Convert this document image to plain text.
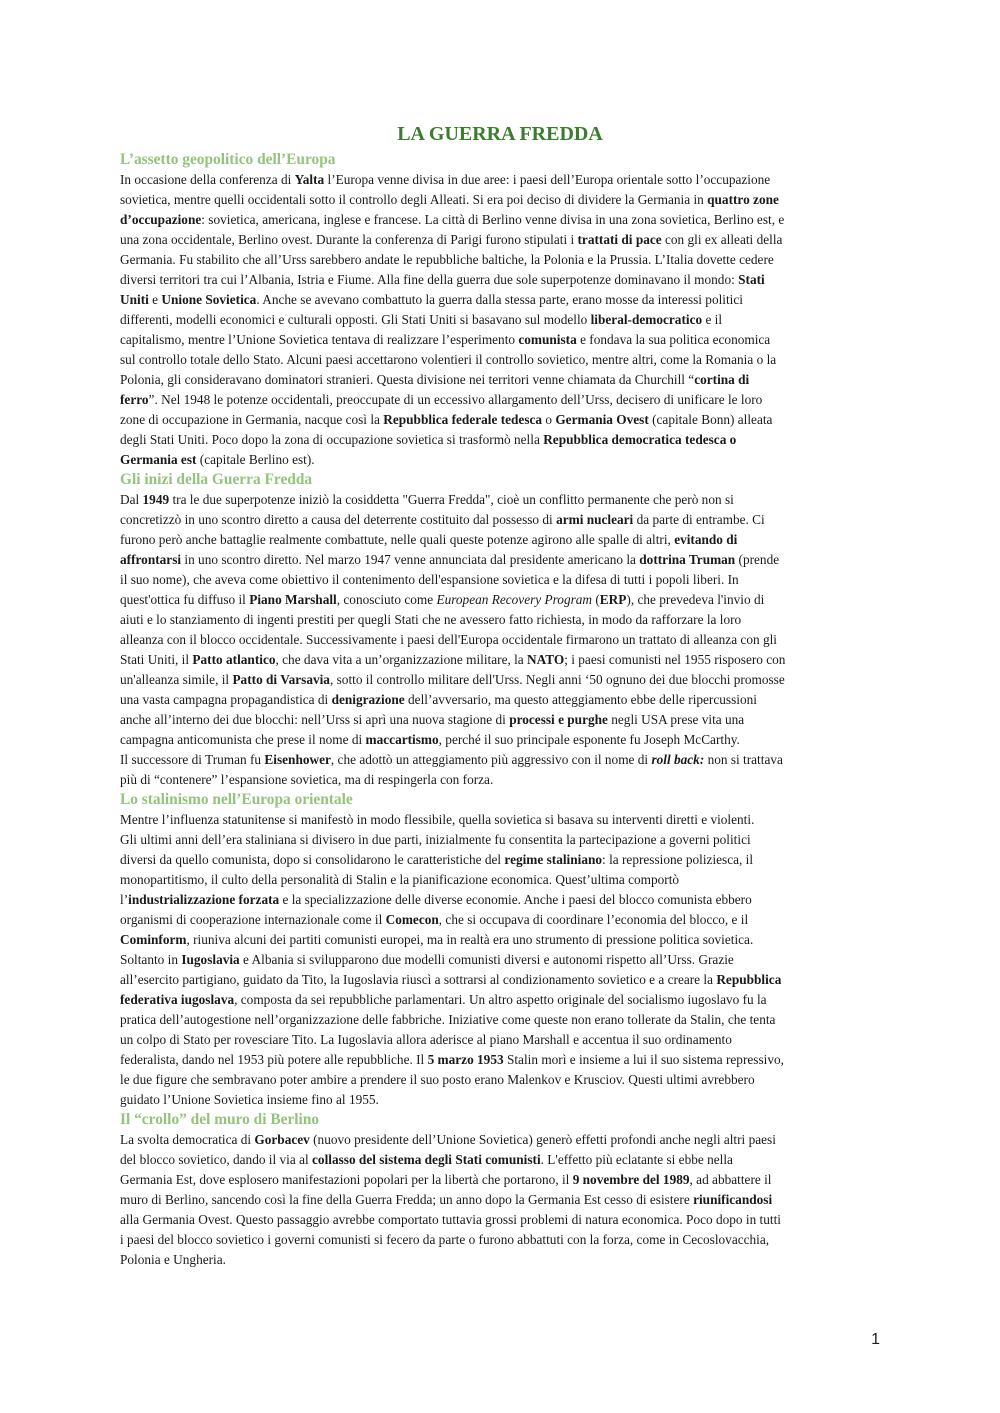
LA GUERRA FREDDA
L’assetto geopolitico dell’Europa
In occasione della conferenza di Yalta l’Europa venne divisa in due aree: i paesi dell’Europa orientale sotto l’occupazione
sovietica, mentre quelli occidentali sotto il controllo degli Alleati. Si era poi deciso di dividere la Germania in quattro zone
d’occupazione: sovietica, americana, inglese e francese. La città di Berlino venne divisa in una zona sovietica, Berlino est, e
una zona occidentale, Berlino ovest. Durante la conferenza di Parigi furono stipulati i trattati di pace con gli ex alleati della
Germania. Fu stabilito che all’Urss sarebbero andate le repubbliche baltiche, la Polonia e la Prussia. L’Italia dovette cedere
diversi territori tra cui l’Albania, Istria e Fiume. Alla fine della guerra due sole superpotenze dominavano il mondo: Stati
Uniti e Unione Sovietica. Anche se avevano combattuto la guerra dalla stessa parte, erano mosse da interessi politici
differenti, modelli economici e culturali opposti. Gli Stati Uniti si basavano sul modello liberal-democratico e il
capitalismo, mentre l’Unione Sovietica tentava di realizzare l’esperimento comunista e fondava la sua politica economica
sul controllo totale dello Stato. Alcuni paesi accettarono volentieri il controllo sovietico, mentre altri, come la Romania o la
Polonia, gli consideravano dominatori stranieri. Questa divisione nei territori venne chiamata da Churchill “cortina di
ferro”. Nel 1948 le potenze occidentali, preoccupate di un eccessivo allargamento dell’Urss, decisero di unificare le loro
zone di occupazione in Germania, nacque così la Repubblica federale tedesca o Germania Ovest (capitale Bonn) alleata
degli Stati Uniti. Poco dopo la zona di occupazione sovietica si trasformò nella Repubblica democratica tedesca o
Germania est (capitale Berlino est).
Gli inizi della Guerra Fredda
Dal 1949 tra le due superpotenze iniziò la cosiddetta "Guerra Fredda", cioè un conflitto permanente che però non si
concretizzò in uno scontro diretto a causa del deterrente costituito dal possesso di armi nucleari da parte di entrambe. Ci
furono però anche battaglie realmente combattute, nelle quali queste potenze agirono alle spalle di altri, evitando di
affrontarsi in uno scontro diretto. Nel marzo 1947 venne annunciata dal presidente americano la dottrina Truman (prende
il suo nome), che aveva come obiettivo il contenimento dell'espansione sovietica e la difesa di tutti i popoli liberi. In
quest'ottica fu diffuso il Piano Marshall, conosciuto come European Recovery Program (ERP), che prevedeva l'invio di
aiuti e lo stanziamento di ingenti prestiti per quegli Stati che ne avessero fatto richiesta, in modo da rafforzare la loro
alleanza con il blocco occidentale. Successivamente i paesi dell'Europa occidentale firmarono un trattato di alleanza con gli
Stati Uniti, il Patto atlantico, che dava vita a un’organizzazione militare, la NATO; i paesi comunisti nel 1955 risposero con
un'alleanza simile, il Patto di Varsavia, sotto il controllo militare dell'Urss. Negli anni ‘50 ognuno dei due blocchi promosse
una vasta campagna propagandistica di denigrazione dell’avversario, ma questo atteggiamento ebbe delle ripercussioni
anche all’interno dei due blocchi: nell’Urss si aprì una nuova stagione di processi e purghe negli USA prese vita una
campagna anticomunista che prese il nome di maccartismo, perché il suo principale esponente fu Joseph McCarthy.
Il successore di Truman fu Eisenhower, che adottò un atteggiamento più aggressivo con il nome di roll back: non si trattava
più di “contenere” l’espansione sovietica, ma di respingerla con forza.
Lo stalinismo nell’Europa orientale
Mentre l’influenza statunitense si manifestò in modo flessibile, quella sovietica si basava su interventi diretti e violenti.
Gli ultimi anni dell’era staliniana si divisero in due parti, inizialmente fu consentita la partecipazione a governi politici
diversi da quello comunista, dopo si consolidarono le caratteristiche del regime staliniano: la repressione poliziesca, il
monopartitismo, il culto della personalità di Stalin e la pianificazione economica. Quest’ultima comportò
l’industrializzazione forzata e la specializzazione delle diverse economie. Anche i paesi del blocco comunista ebbero
organismi di cooperazione internazionale come il Comecon, che si occupava di coordinare l’economia del blocco, e il
Cominform, riuniva alcuni dei partiti comunisti europei, ma in realtà era uno strumento di pressione politica sovietica.
Soltanto in Iugoslavia e Albania si svilupparono due modelli comunisti diversi e autonomi rispetto all’Urss. Grazie
all’esercito partigiano, guidato da Tito, la Iugoslavia riuscì a sottrarsi al condizionamento sovietico e a creare la Repubblica
federativa iugoslava, composta da sei repubbliche parlamentari. Un altro aspetto originale del socialismo iugoslavo fu la
pratica dell’autogestione nell’organizzazione delle fabbriche. Iniziative come queste non erano tollerate da Stalin, che tenta
un colpo di Stato per rovesciare Tito. La Iugoslavia allora aderisce al piano Marshall e accentua il suo ordinamento
federalista, dando nel 1953 più potere alle repubbliche. Il 5 marzo 1953 Stalin morì e insieme a lui il suo sistema repressivo,
le due figure che sembravano poter ambire a prendere il suo posto erano Malenkov e Krusciov. Questi ultimi avrebbero
guidato l’Unione Sovietica insieme fino al 1955.
Il “crollo” del muro di Berlino
La svolta democratica di Gorbacev (nuovo presidente dell’Unione Sovietica) generò effetti profondi anche negli altri paesi
del blocco sovietico, dando il via al collasso del sistema degli Stati comunisti. L'effetto più eclatante si ebbe nella
Germania Est, dove esplosero manifestazioni popolari per la libertà che portarono, il 9 novembre del 1989, ad abbattere il
muro di Berlino, sancendo così la fine della Guerra Fredda; un anno dopo la Germania Est cesso di esistere riunificandosi
alla Germania Ovest. Questo passaggio avrebbe comportato tuttavia grossi problemi di natura economica. Poco dopo in tutti
i paesi del blocco sovietico i governi comunisti si fecero da parte o furono abbattuti con la forza, come in Cecoslovacchia,
Polonia e Ungheria.
1
